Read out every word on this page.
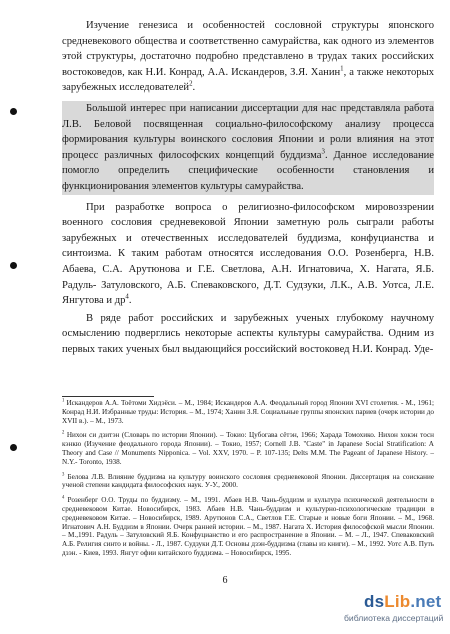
Изучение генезиса и особенностей сословной структуры японского средневекового общества и соответственно самурайства, как одного из элементов этой структуры, достаточно подробно представлено в трудах таких российских востоковедов, как Н.И. Конрад, А.А. Искандеров, З.Я. Ханин$^1$, а также некоторых зарубежных исследователей$^2$.

Большой интерес при написании диссертации для нас представляла работа Л.В. Беловой посвященная социально-философскому анализу процесса формирования культуры воинского сословия Японии и роли влияния на этот процесс различных философских концепций буддизма$^3$. Данное исследование помогло определить специфические особенности становления и функционирования элементов культуры самурайства.

При разработке вопроса о религиозно-философском мировоззрении военного сословия средневековой Японии заметную роль сыграли работы зарубежных и отечественных исследователей буддизма, конфуцианства и синтоизма. К таким работам относятся исследования О.О. Розенберга, Н.В. Абаева, С.А. Арутюнова и Г.Е. Светлова, А.Н. Игнатовича, Х. Нагата, Я.Б. Радуль- Затуловского, А.Б. Спеваковского, Д.Т. Судзуки, Л.К., А.В. Уотса, Л.Е. Янгутова и $др^4$.

В ряде работ российских и зарубежных ученых глубокому научному осмыслению подверглись некоторые аспекты культуры самурайства. Одним из первых таких ученых был выдающийся российский востоковед Н.И. Конрад. Уде-

$^1$ Искандеров А.А. Тоётоми Хидэёси. – М., 1984; Искандеров А.А. Феодальный город Японии XVI столетия. - М., 1961; Конрад Н.И. Избранные труды: История. – М., 1974; Ханин З.Я. Социальные группы японских париев (очерк истории до XVII в.). – М., 1973.

$^2$ Нихон си дзитэн (Словарь по истории Японии). – Токио: Цубогава сётэн, 1966; Харада Томохико. Нихон хокэн тосн кэнкю (Изучение феодального города Японии). – Токио, 1957; Cornell J.B. "Caste" in Japanese Social Stratification: A Theory and Case // Monuments Nipponica. – Vol. XXV, 1970. – P. 107-135; Delts M.M. The Pageant of Japanese History. – N.Y.- Toronto, 1938.

$^3$ Белова Л.В. Влияние буддизма на культуру воинского сословия средневековой Японии. Диссертация на соискание ученой степени кандидата философских наук. У-У., 2000.

$^4$ Розенберг О.О. Труды по буддизму. – М., 1991. Абаев Н.В. Чань-буддизм и культура психической деятельности в средневековом Китае. Новосибирск, 1983. Абаев Н.В. Чань-буддизм и культурно-психологические традиции в средневековом Китае. – Новосибирск, 1989. Арутюнов С.А., Светлов Г.Е. Старые и новые боги Японии. – М., 1968. Игнатович А.Н. Буддизм в Японии. Очерк ранней истории. – М., 1987. Нагата Х. История философской мысли Японии. – М.,1991. Радуль – Затуловский Я.Б. Конфуцианство и его распространение в Японии. – М. – Л., 1947. Спеваковский А.Б. Религия синто и войны. - Л., 1987. Судзуки Д.Т. Основы дзэн-буддизма (главы из книги). – М., 1992. Уотс А.В. Путь дзэн. - Киев, 1993. Янгут офии китайского буддизма. – Новосибирск, 1995.

6
dsLib.net
библиотека диссертаций
